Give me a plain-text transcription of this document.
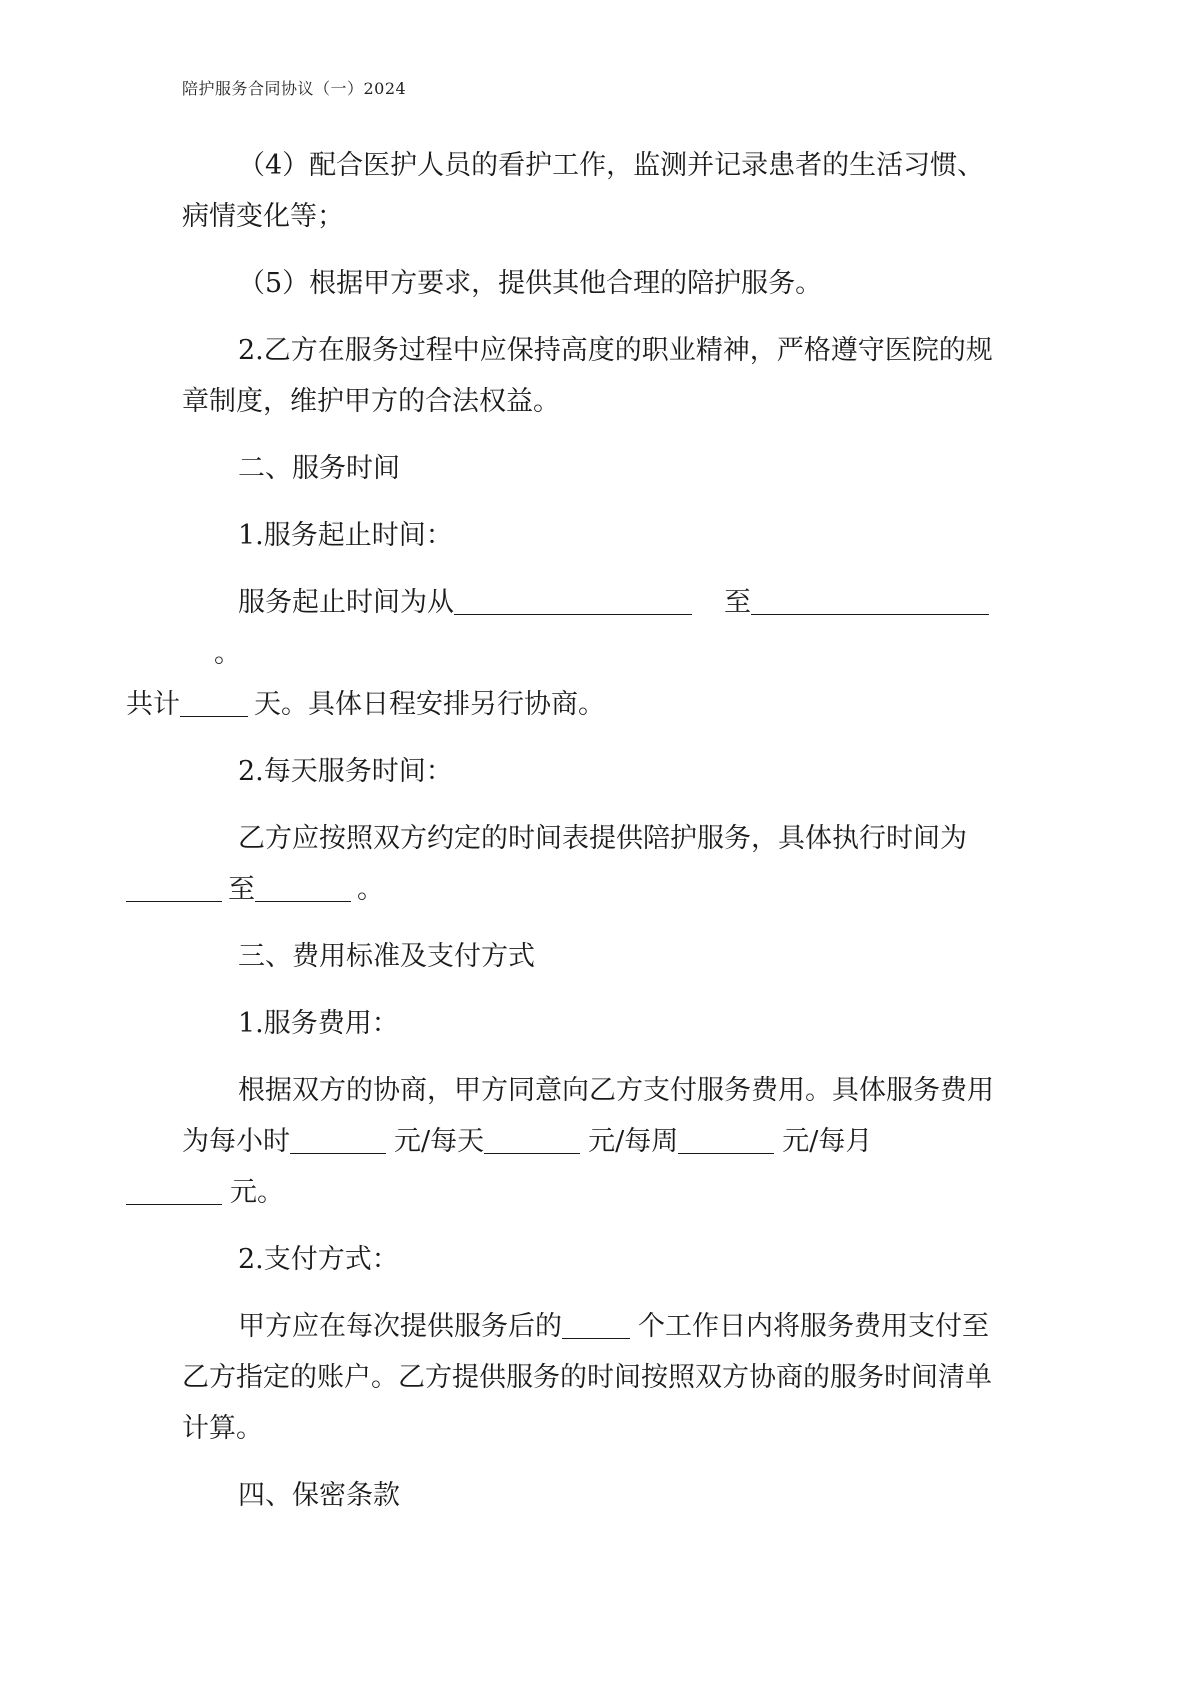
陪护服务合同协议（一）2024

（4）配合医护人员的看护工作，监测并记录患者的生活习惯、病情变化等；

（5）根据甲方要求，提供其他合理的陪护服务。

2.乙方在服务过程中应保持高度的职业精神，严格遵守医院的规章制度，维护甲方的合法权益。

二、服务时间

1.服务起止时间：

服务起止时间为从	至。
共计	天。具体日程安排另行协商。

2.每天服务时间：

乙方应按照双方约定的时间表提供陪护服务，具体执行时间为
至	。

三、费用标准及支付方式

1.服务费用：

根据双方的协商，甲方同意向乙方支付服务费用。具体服务费用为每小时	元/每天	元/每周	元/每月
元。

2.支付方式：

甲方应在每次提供服务后的	个工作日内将服务费用支付至乙方指定的账户。乙方提供服务的时间按照双方协商的服务时间清单计算。

四、保密条款
